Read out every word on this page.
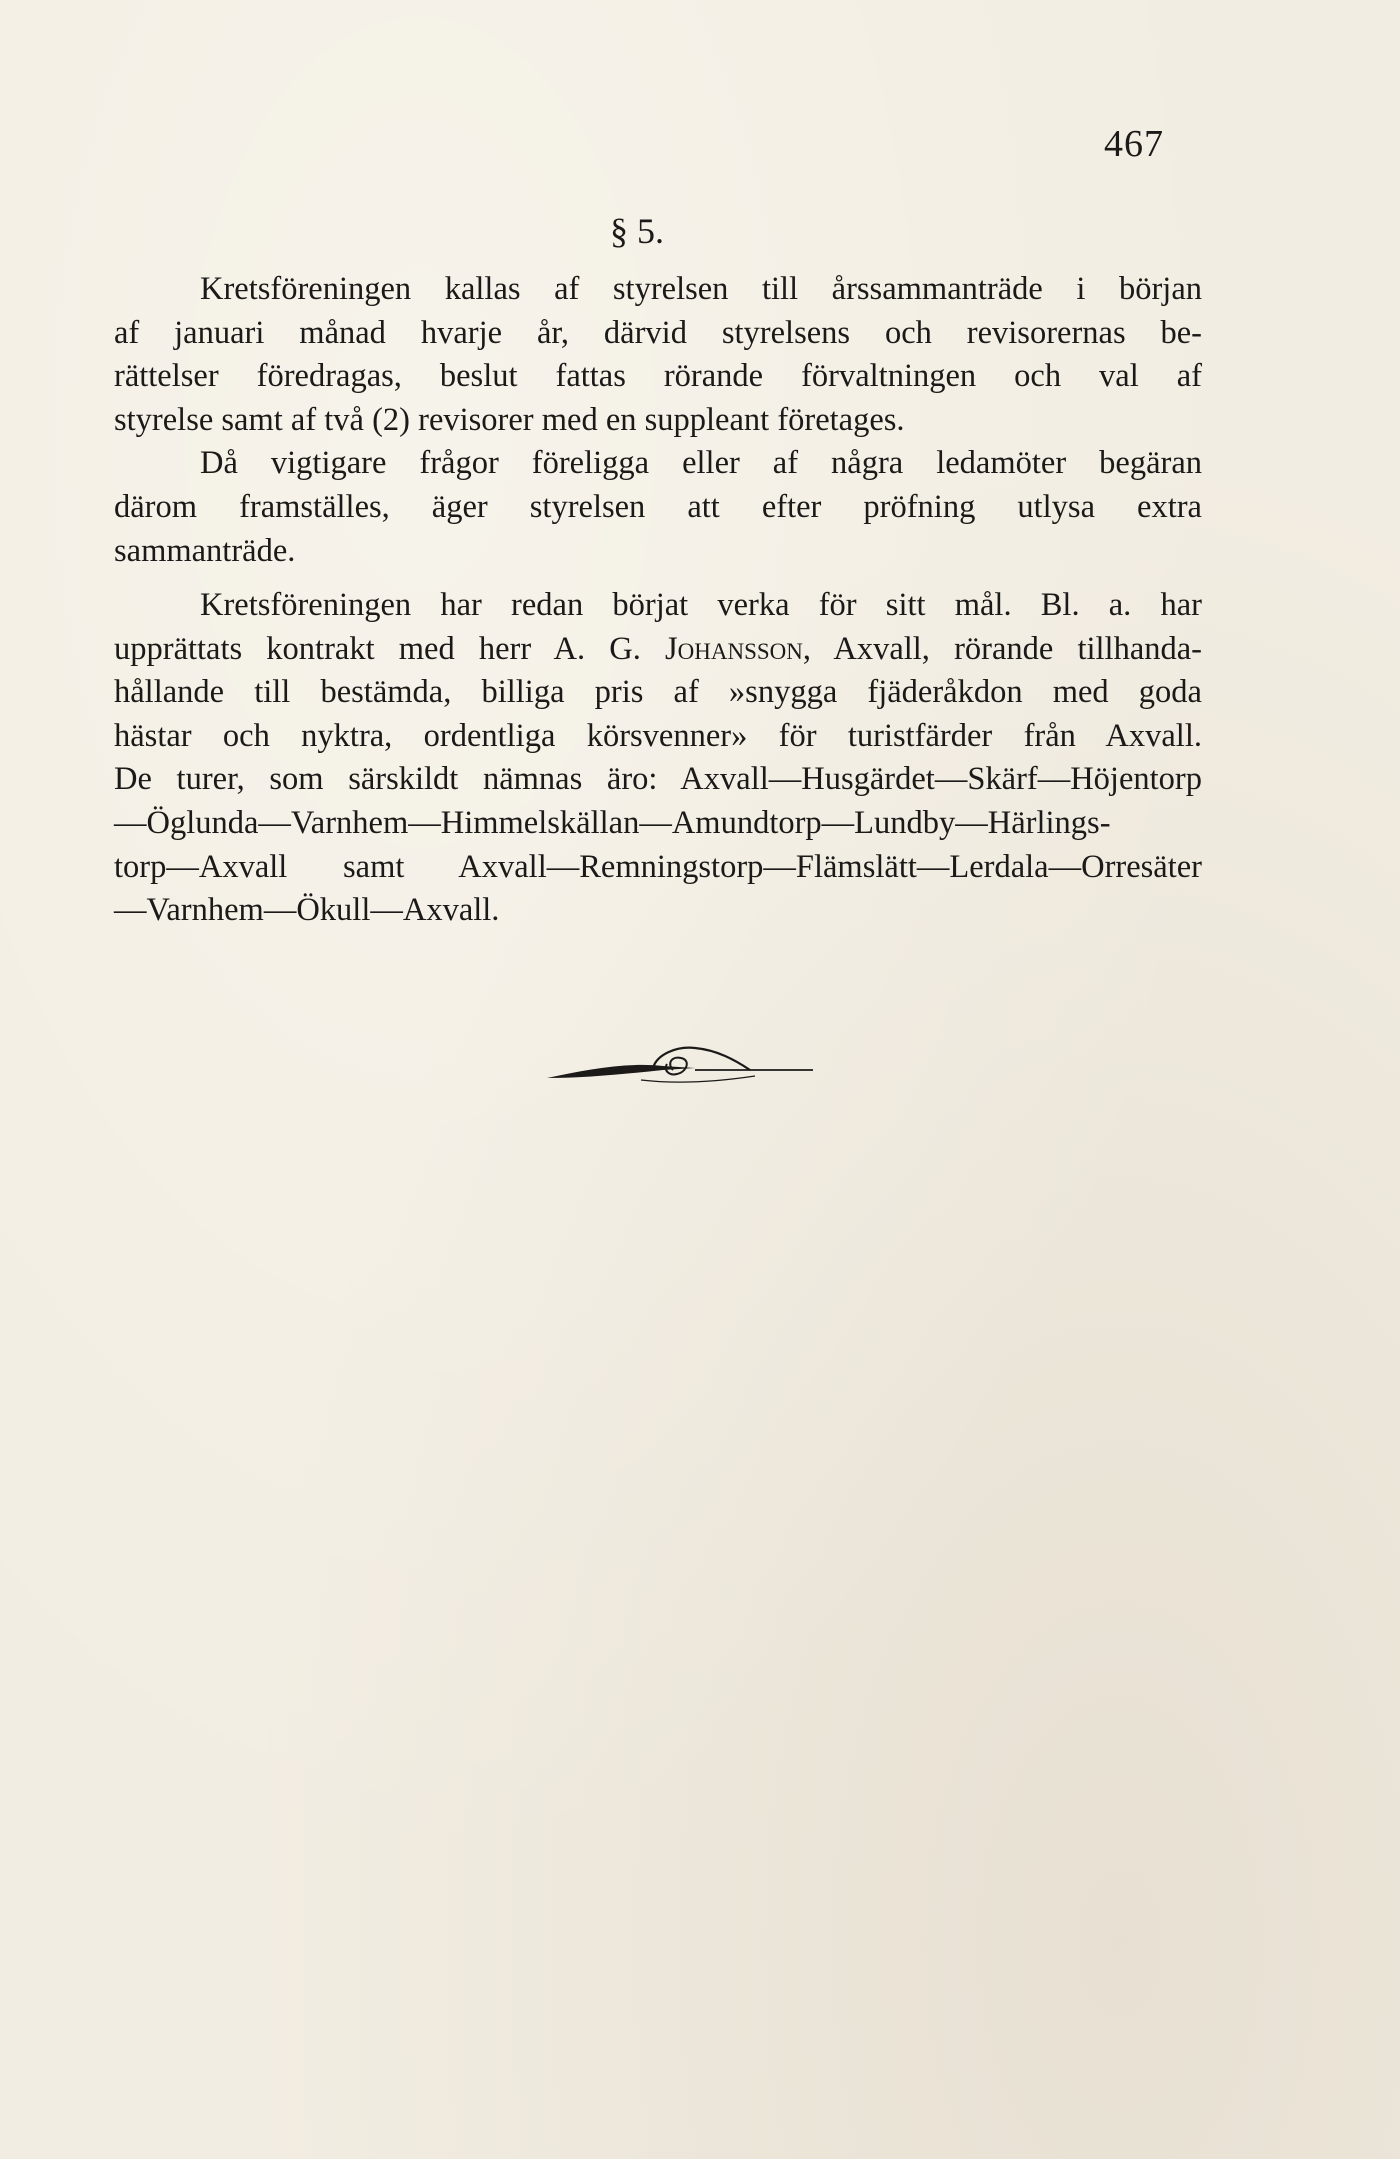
467
§ 5.
Kretsföreningen kallas af styrelsen till årssammanträde i början
af januari månad hvarje år, därvid styrelsens och revisorernas be-
rättelser föredragas, beslut fattas rörande förvaltningen och val af
styrelse samt af två (2) revisorer med en suppleant företages.
Då vigtigare frågor föreligga eller af några ledamöter begäran
därom framställes, äger styrelsen att efter pröfning utlysa extra
sammanträde.
Kretsföreningen har redan börjat verka för sitt mål. Bl. a. har
upprättats kontrakt med herr A. G. Johansson, Axvall, rörande tillhanda-
hållande till bestämda, billiga pris af »snygga fjäderåkdon med goda
hästar och nyktra, ordentliga körsvenner» för turistfärder från Axvall.
De turer, som särskildt nämnas äro: Axvall—Husgärdet—Skärf—Höjentorp
—Öglunda—Varnhem—Himmelskällan—Amundtorp—Lundby—Härlings-
torp—Axvall samt Axvall—Remningstorp—Flämslätt—Lerdala—Orresäter
—Varnhem—Ökull—Axvall.
